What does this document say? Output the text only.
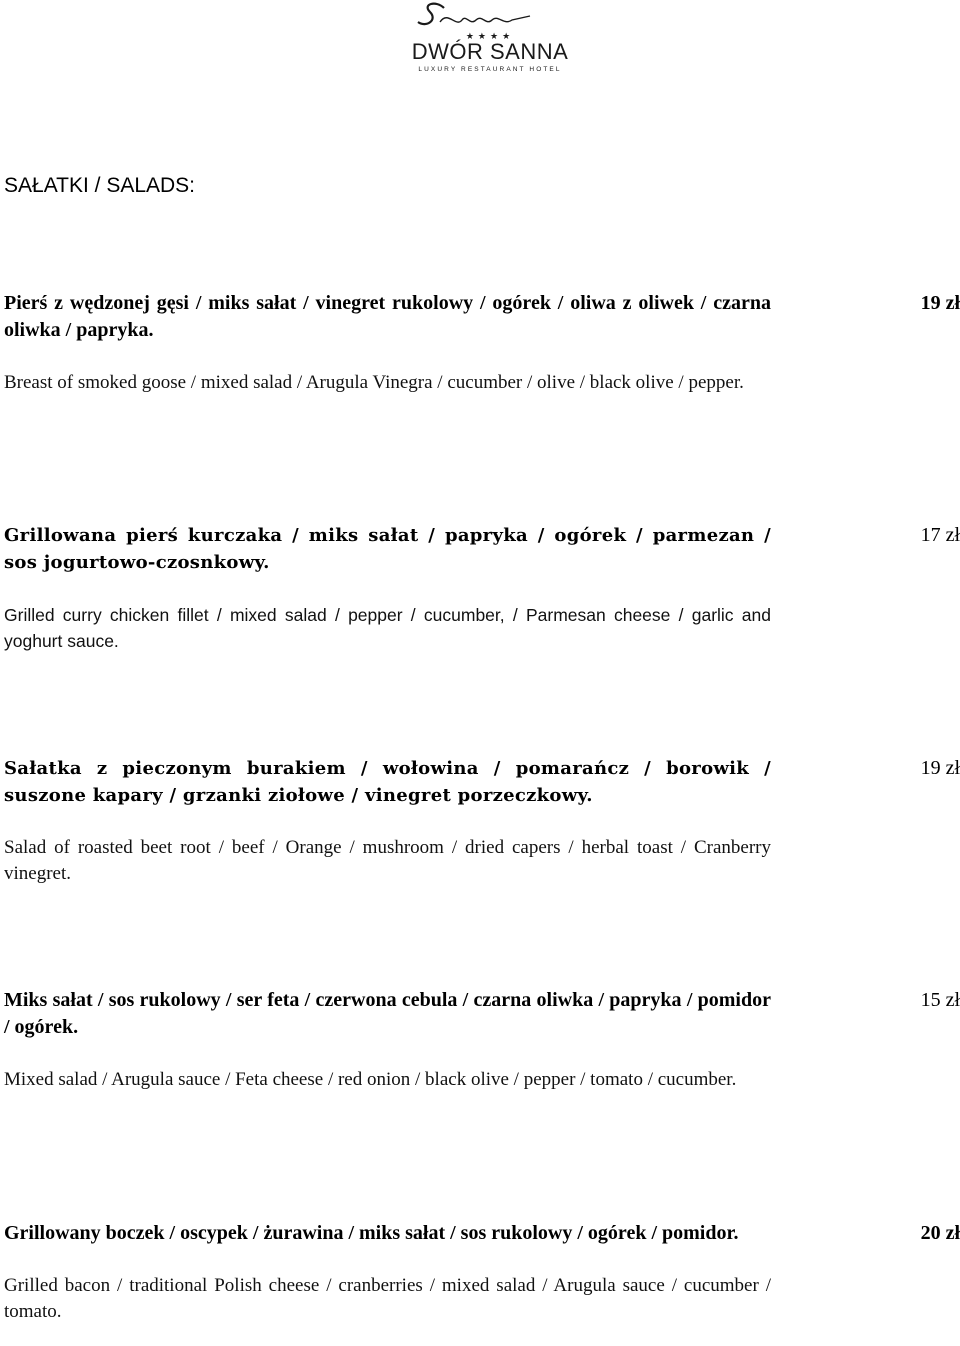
★★★★
DWÓR SANNA
LUXURY RESTAURANT HOTEL
SAŁATKI / SALADS:

Pierś z wędzonej gęsi / miks sałat / vinegret rukolowy / ogórek / oliwa z oliwek / czarna oliwka / papryka.

Breast of smoked goose / mixed salad / Arugula Vinegra / cucumber / olive / black olive / pepper.

19 zł

Grillowana pierś kurczaka / miks sałat / papryka / ogórek / parmezan / sos jogurtowo-czosnkowy.

Grilled curry chicken fillet / mixed salad / pepper / cucumber, / Parmesan cheese / garlic and yoghurt sauce.

17 zł

Sałatka z pieczonym burakiem / wołowina / pomarańcz / borowik / suszone kapary / grzanki ziołowe / vinegret porzeczkowy.

Salad of roasted beet root / beef / Orange / mushroom / dried capers / herbal toast / Cranberry vinegret.

19 zł

Miks sałat / sos rukolowy / ser feta / czerwona cebula / czarna oliwka / papryka / pomidor / ogórek.

Mixed salad / Arugula sauce / Feta cheese / red onion / black olive / pepper / tomato / cucumber.

15 zł

Grillowany boczek / oscypek / żurawina / miks sałat / sos rukolowy / ogórek / pomidor.

Grilled bacon / traditional Polish cheese / cranberries / mixed salad / Arugula sauce / cucumber / tomato.

20 zł
